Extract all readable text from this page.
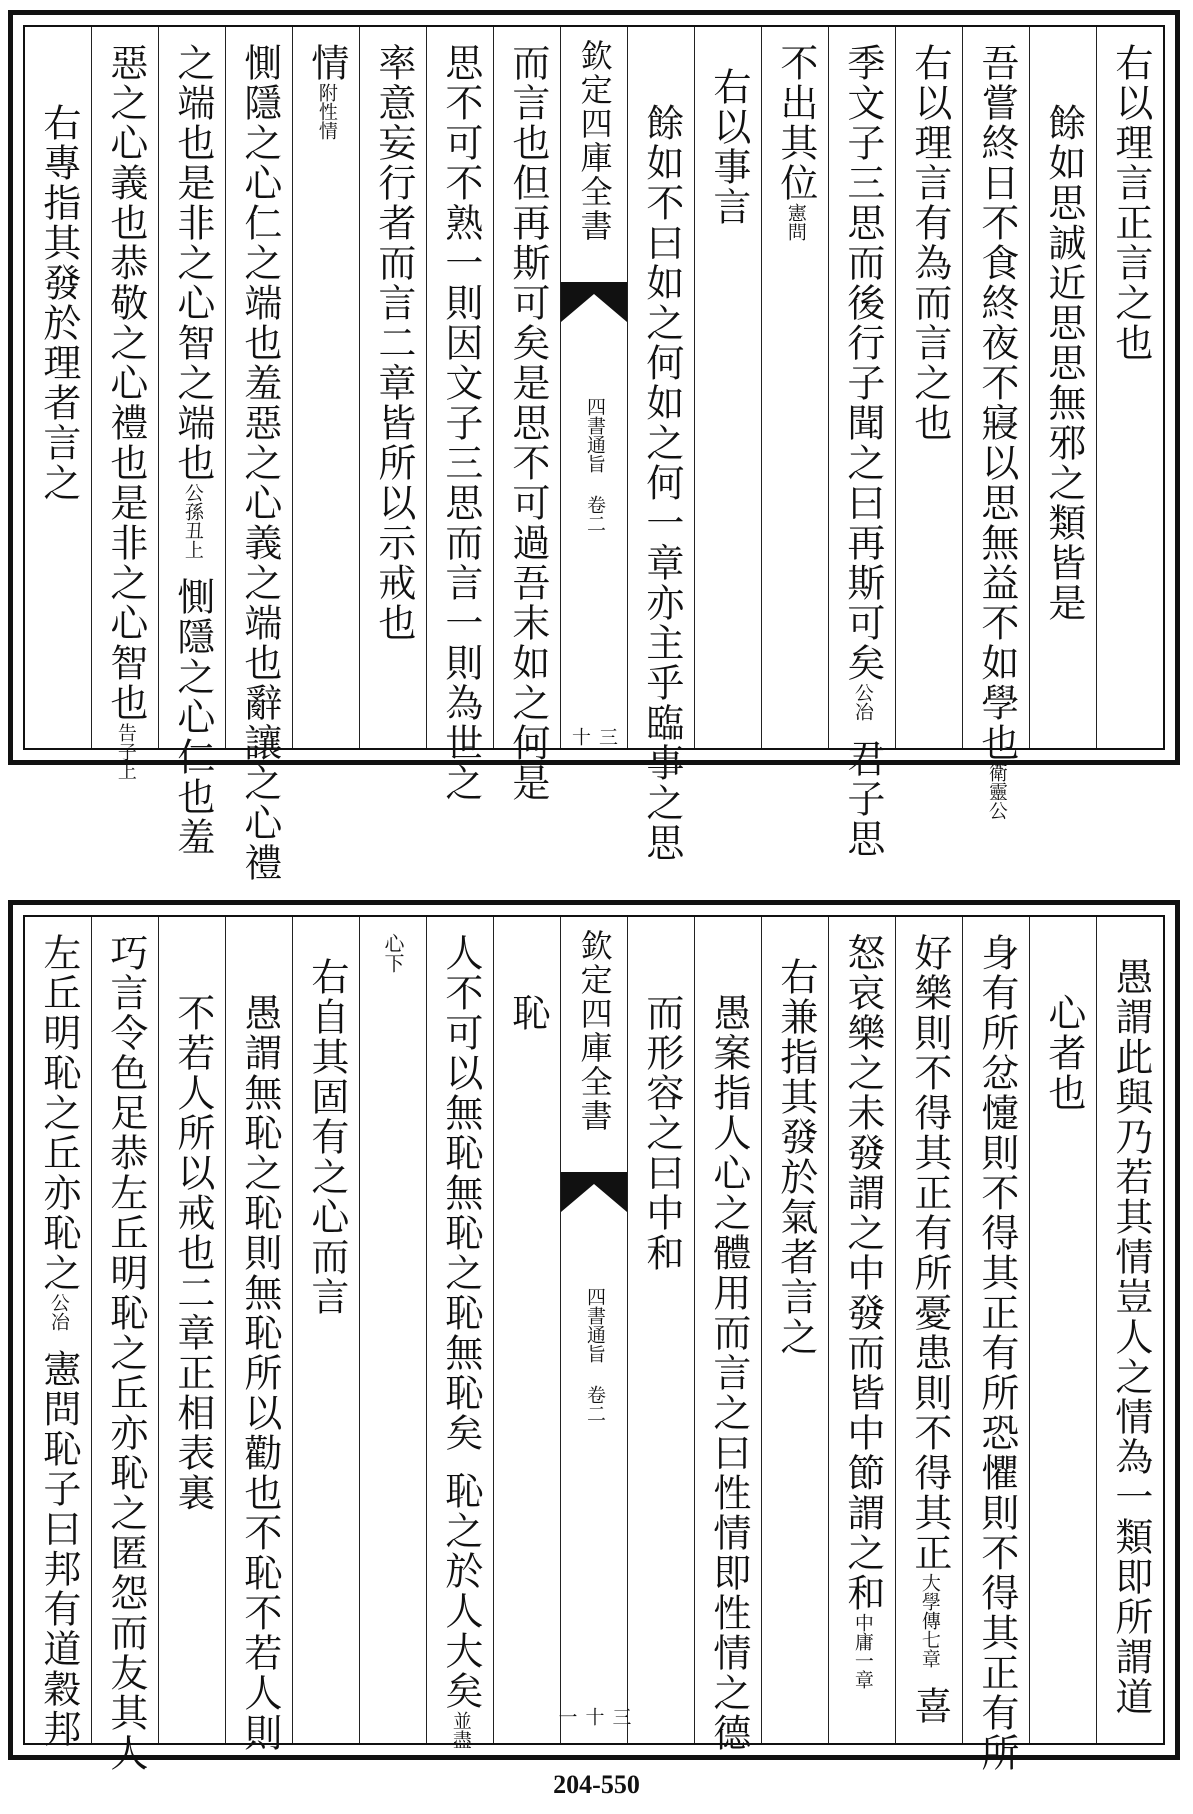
右以理言正言之也
餘如思誠近思思無邪之類皆是
吾嘗終日不食終夜不寢以思無益不如學也衛靈公
右以理言有為而言之也
季文子三思而後行子聞之曰再斯可矣公冶君子思
不出其位憲問
右以事言
餘如不曰如之何如之何一章亦主乎臨事之思
欽定四庫全書
四書通旨 卷二
三十
而言也但再斯可矣是思不可過吾末如之何是
思不可不熟一則因文子三思而言一則為世之
率意妄行者而言二章皆所以示戒也
情附性情
惻隱之心仁之端也羞惡之心義之端也辭讓之心禮
之端也是非之心智之端也公孫丑上惻隱之心仁也羞
惡之心義也恭敬之心禮也是非之心智也告子上
右專指其發於理者言之
愚謂此與乃若其情豈人之情為一類即所謂道
心者也
身有所忿懥則不得其正有所恐懼則不得其正有所
好樂則不得其正有所憂患則不得其正大學傳七章喜
怒哀樂之未發謂之中發而皆中節謂之和中庸一章
右兼指其發於氣者言之
愚案指人心之體用而言之曰性情即性情之德
而形容之曰中和
欽定四庫全書
四書通旨 卷二
三十一
恥
人不可以無恥無恥之恥無恥矣恥之於人大矣並盡
心下
右自其固有之心而言
愚謂無恥之恥則無恥所以勸也不恥不若人則
不若人所以戒也二章正相表裏
巧言令色足恭左丘明恥之丘亦恥之匿怨而友其人
左丘明恥之丘亦恥之公冶憲問恥子曰邦有道穀邦
204-550
